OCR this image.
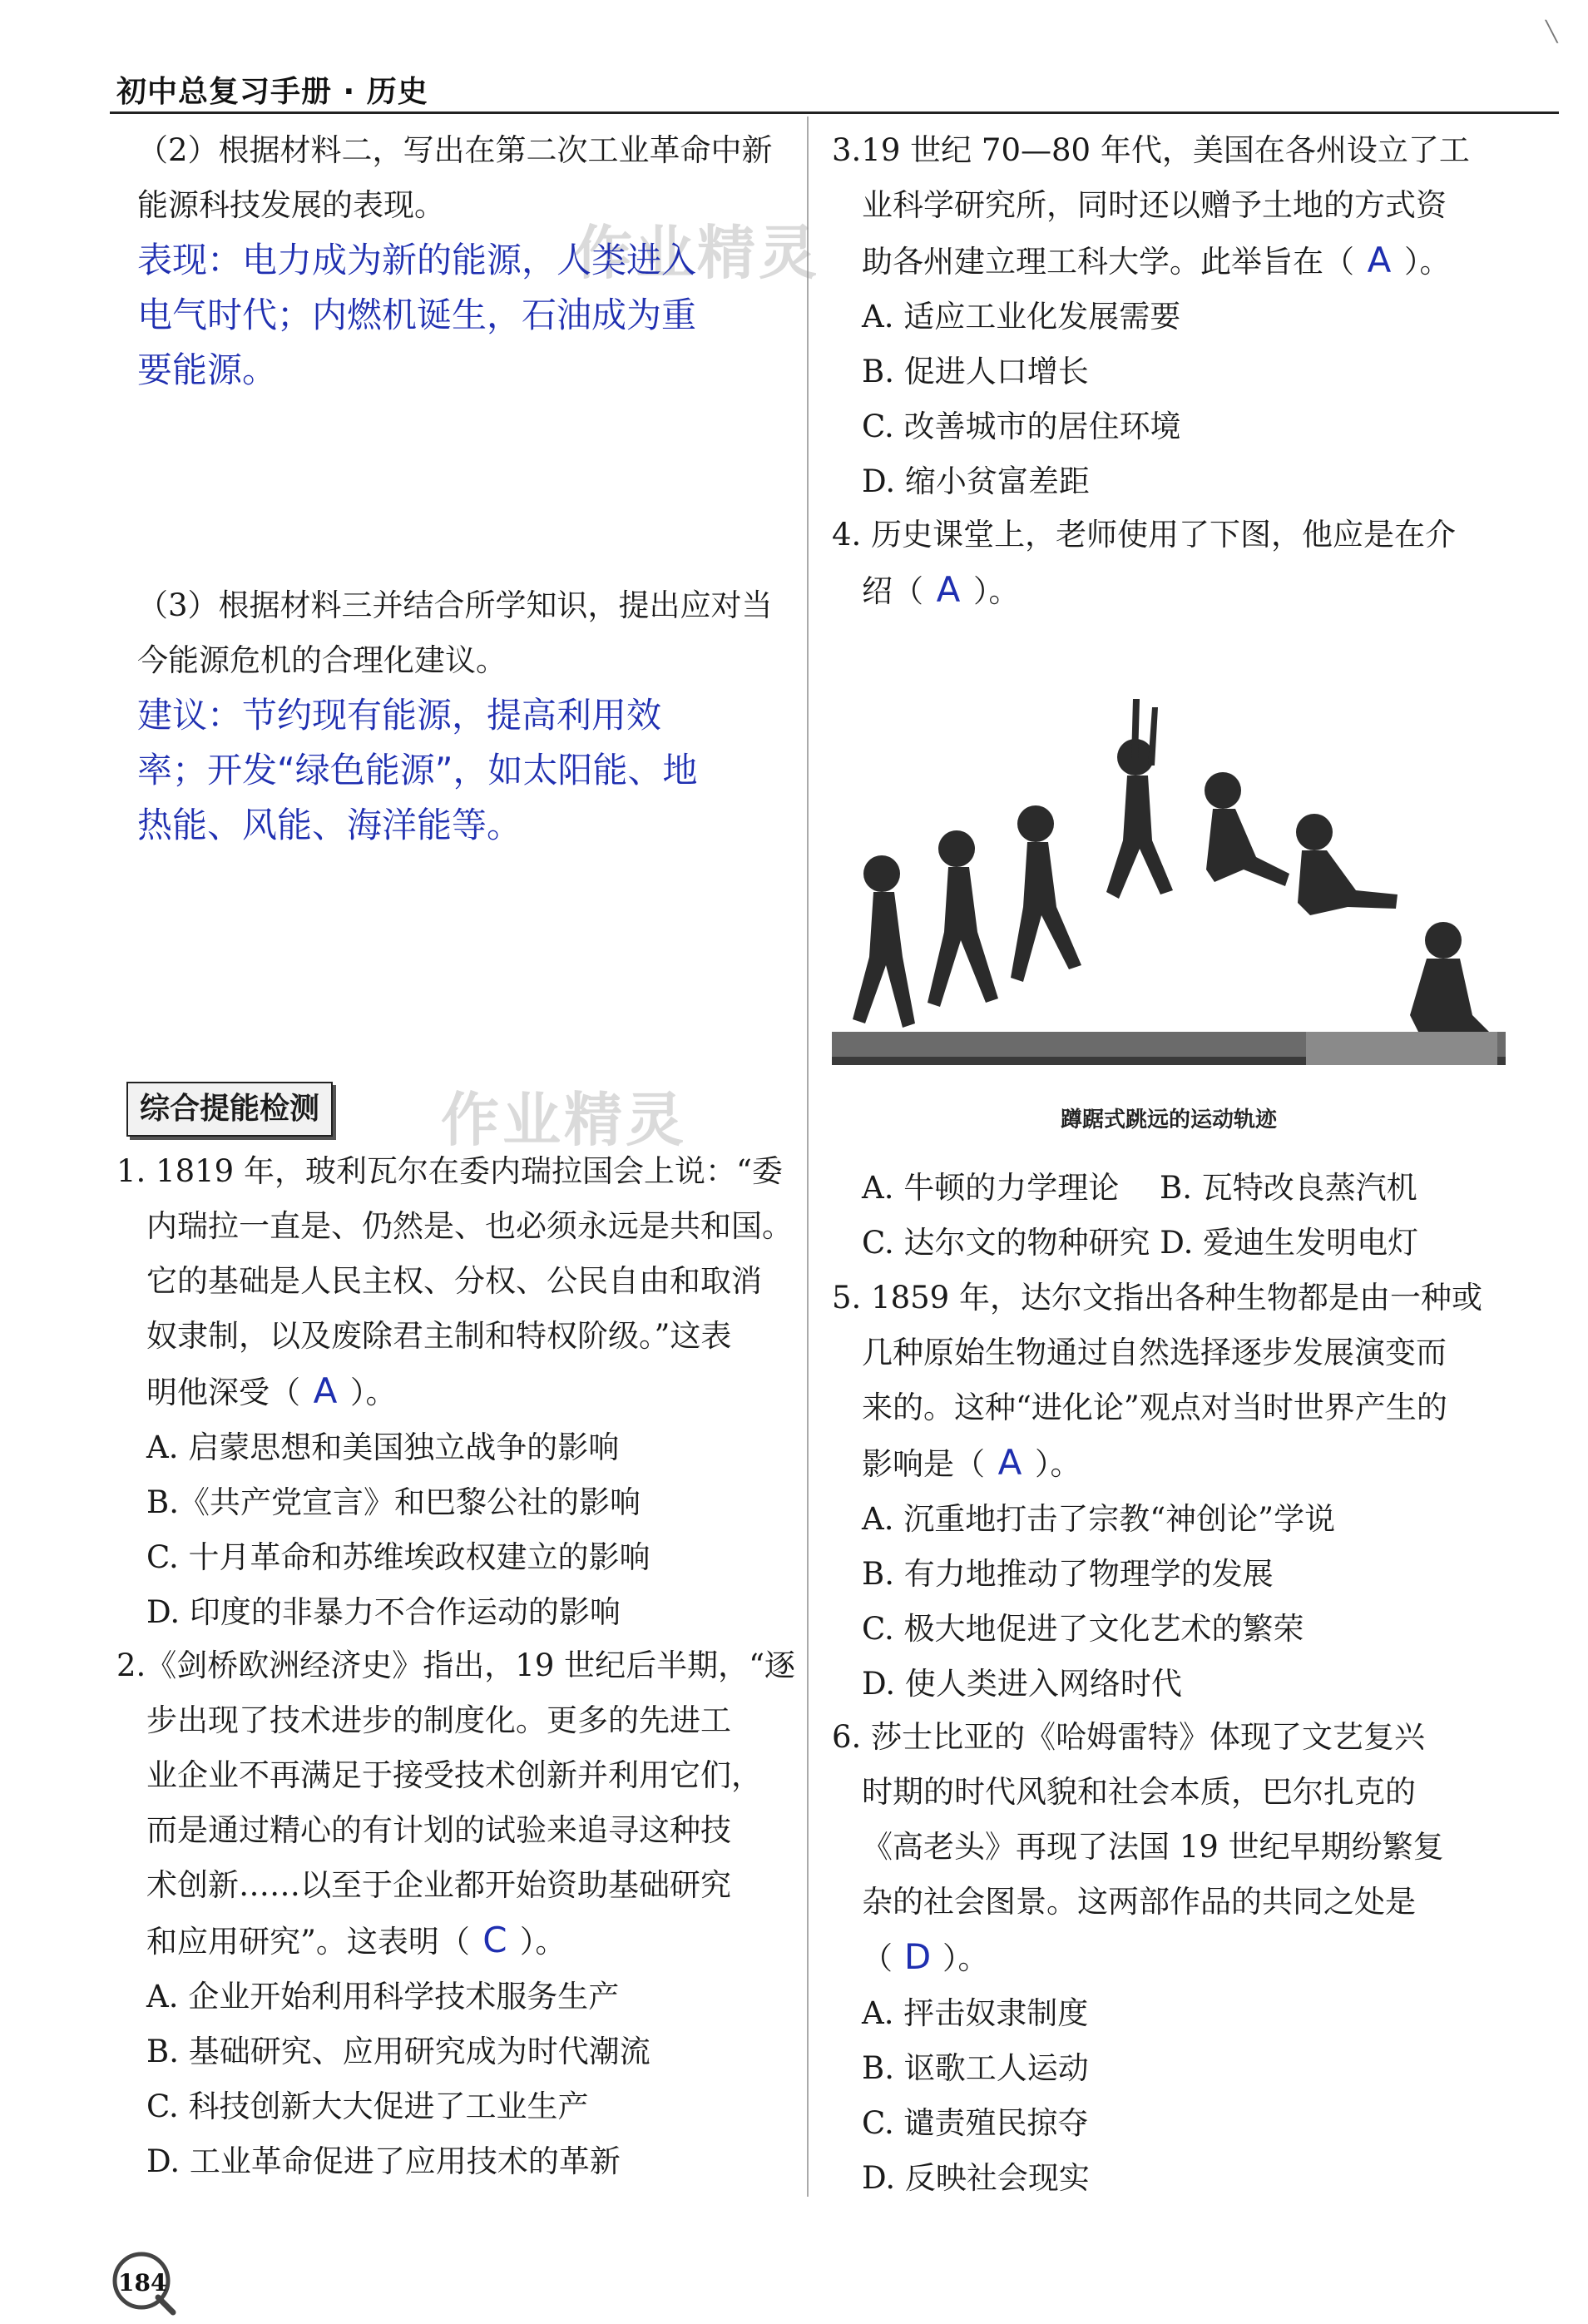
╲
初中总复习手册 · 历史
作业精灵
作业精灵

（2）根据材料二，写出在第二次工业革命中新

能源科技发展的表现。

表现：电力成为新的能源，人类进入

电气时代；内燃机诞生，石油成为重

要能源。

（3）根据材料三并结合所学知识，提出应对当

今能源危机的合理化建议。

建议：节约现有能源，提高利用效

率；开发“绿色能源”，如太阳能、地

热能、风能、海洋能等。

综合提能检测

1. 1819 年，玻利瓦尔在委内瑞拉国会上说：“委

内瑞拉一直是、仍然是、也必须永远是共和国。

它的基础是人民主权、分权、公民自由和取消

奴隶制，以及废除君主制和特权阶级。”这表

明他深受（ A ）。

A. 启蒙思想和美国独立战争的影响

B.《共产党宣言》和巴黎公社的影响

C. 十月革命和苏维埃政权建立的影响

D. 印度的非暴力不合作运动的影响

2.《剑桥欧洲经济史》指出，19 世纪后半期，“逐

步出现了技术进步的制度化。更多的先进工

业企业不再满足于接受技术创新并利用它们，

而是通过精心的有计划的试验来追寻这种技

术创新……以至于企业都开始资助基础研究

和应用研究”。这表明（ C ）。

A. 企业开始利用科学技术服务生产

B. 基础研究、应用研究成为时代潮流

C. 科技创新大大促进了工业生产

D. 工业革命促进了应用技术的革新

3.19 世纪 70—80 年代，美国在各州设立了工

业科学研究所，同时还以赠予土地的方式资

助各州建立理工科大学。此举旨在（ A ）。

A. 适应工业化发展需要

B. 促进人口增长

C. 改善城市的居住环境

D. 缩小贫富差距

4. 历史课堂上，老师使用了下图，他应是在介

绍（ A ）。

蹲踞式跳远的运动轨迹

A. 牛顿的力学理论　 B. 瓦特改良蒸汽机

C. 达尔文的物种研究 D. 爱迪生发明电灯

5. 1859 年，达尔文指出各种生物都是由一种或

几种原始生物通过自然选择逐步发展演变而

来的。这种“进化论”观点对当时世界产生的

影响是（ A ）。

A. 沉重地打击了宗教“神创论”学说

B. 有力地推动了物理学的发展

C. 极大地促进了文化艺术的繁荣

D. 使人类进入网络时代

6. 莎士比亚的《哈姆雷特》体现了文艺复兴

时期的时代风貌和社会本质，巴尔扎克的

《高老头》再现了法国 19 世纪早期纷繁复

杂的社会图景。这两部作品的共同之处是

（ D ）。

A. 抨击奴隶制度

B. 讴歌工人运动

C. 谴责殖民掠夺

D. 反映社会现实

184
